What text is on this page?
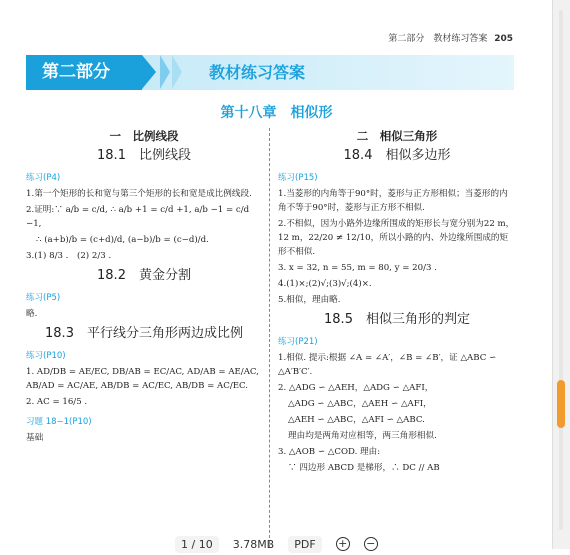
第二部分 教材练习答案 205
第二部分	教材练习答案
第十八章　相似形
一　比例线段
18.1　比例线段
练习(P4)
1.第一个矩形的长和宽与第三个矩形的长和宽是成比例线段.
2.证明:∵ a/b = c/d, ∴ a/b +1 = c/d +1, a/b −1 = c/d −1,
∴ (a+b)/b = (c+d)/d, (a−b)/b = (c−d)/d.
3.(1) 8/3 .　(2) 2/3 .
18.2　黄金分割
练习(P5)
略.
18.3　平行线分三角形两边成比例
练习(P10)
1. AD/DB = AE/EC, DB/AB = EC/AC, AD/AB = AE/AC, AB/AD = AC/AE, AB/DB = AC/EC, AB/DB = AC/EC.
2. AC = 16/5 .
习题 18−1(P10)
基础
二　相似三角形
18.4　相似多边形
练习(P15)
1.当菱形的内角等于90°时，菱形与正方形相似；当菱形的内角不等于90°时，菱形与正方形不相似.
2.不相似，因为小路外边缘所围成的矩形长与宽分别为22 m，12 m，22/20 ≠ 12/10，所以小路的内、外边缘所围成的矩形不相似.
3. x = 32, n = 55, m = 80, y = 20/3 .
4.(1)×;(2)√;(3)√;(4)×.
5.相似，理由略.
18.5　相似三角形的判定
练习(P21)
1.相似. 提示:根据 ∠A = ∠A′，∠B = ∠B′，证 △ABC ∽ △A′B′C′.
2. △ADG ∽ △AEH，△ADG ∽ △AFI，
△ADG ∽ △ABC，△AEH ∽ △AFI，
△AEH ∽ △ABC，△AFI ∽ △ABC.
理由均是两角对应相等，两三角形相似.
3. △AOB ∽ △COD. 理由:
∵ 四边形 ABCD 是梯形，∴ DC // AB
1 / 10	3.78MB	PDF	+ −
